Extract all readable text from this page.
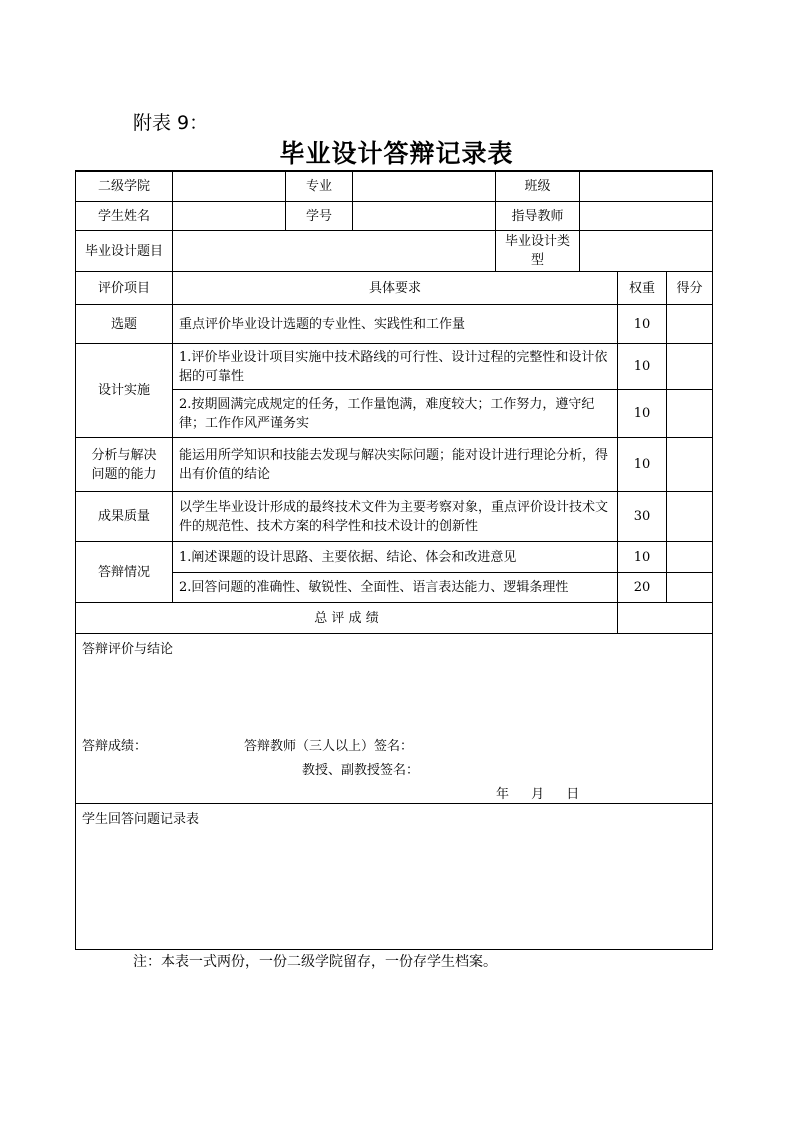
附表 9：
毕业设计答辩记录表

二级学院		专业		班级			
学生姓名		学号		指导教师			
毕业设计题目				毕业设计类型			
评价项目	具体要求					权重	得分
选题	重点评价毕业设计选题的专业性、实践性和工作量					10	
设计实施	1.评价毕业设计项目实施中技术路线的可行性、设计过程的完整性和设计依据的可靠性					10	
	2.按期圆满完成规定的任务，工作量饱满，难度较大；工作努力，遵守纪律；工作作风严谨务实					10	
分析与解决问题的能力	能运用所学知识和技能去发现与解决实际问题；能对设计进行理论分析，得出有价值的结论					10	
成果质量	以学生毕业设计形成的最终技术文件为主要考察对象，重点评价设计技术文件的规范性、技术方案的科学性和技术设计的创新性					30	
答辩情况	1.阐述课题的设计思路、主要依据、结论、体会和改进意见					10	
	2.回答问题的准确性、敏锐性、全面性、语言表达能力、逻辑条理性					20	
总 评 成 绩							

答辩评价与结论
答辩成绩： 答辩教师（三人以上）签名：
教授、副教授签名：
年 月 日							

学生回答问题记录表							
注：本表一式两份，一份二级学院留存，一份存学生档案。
